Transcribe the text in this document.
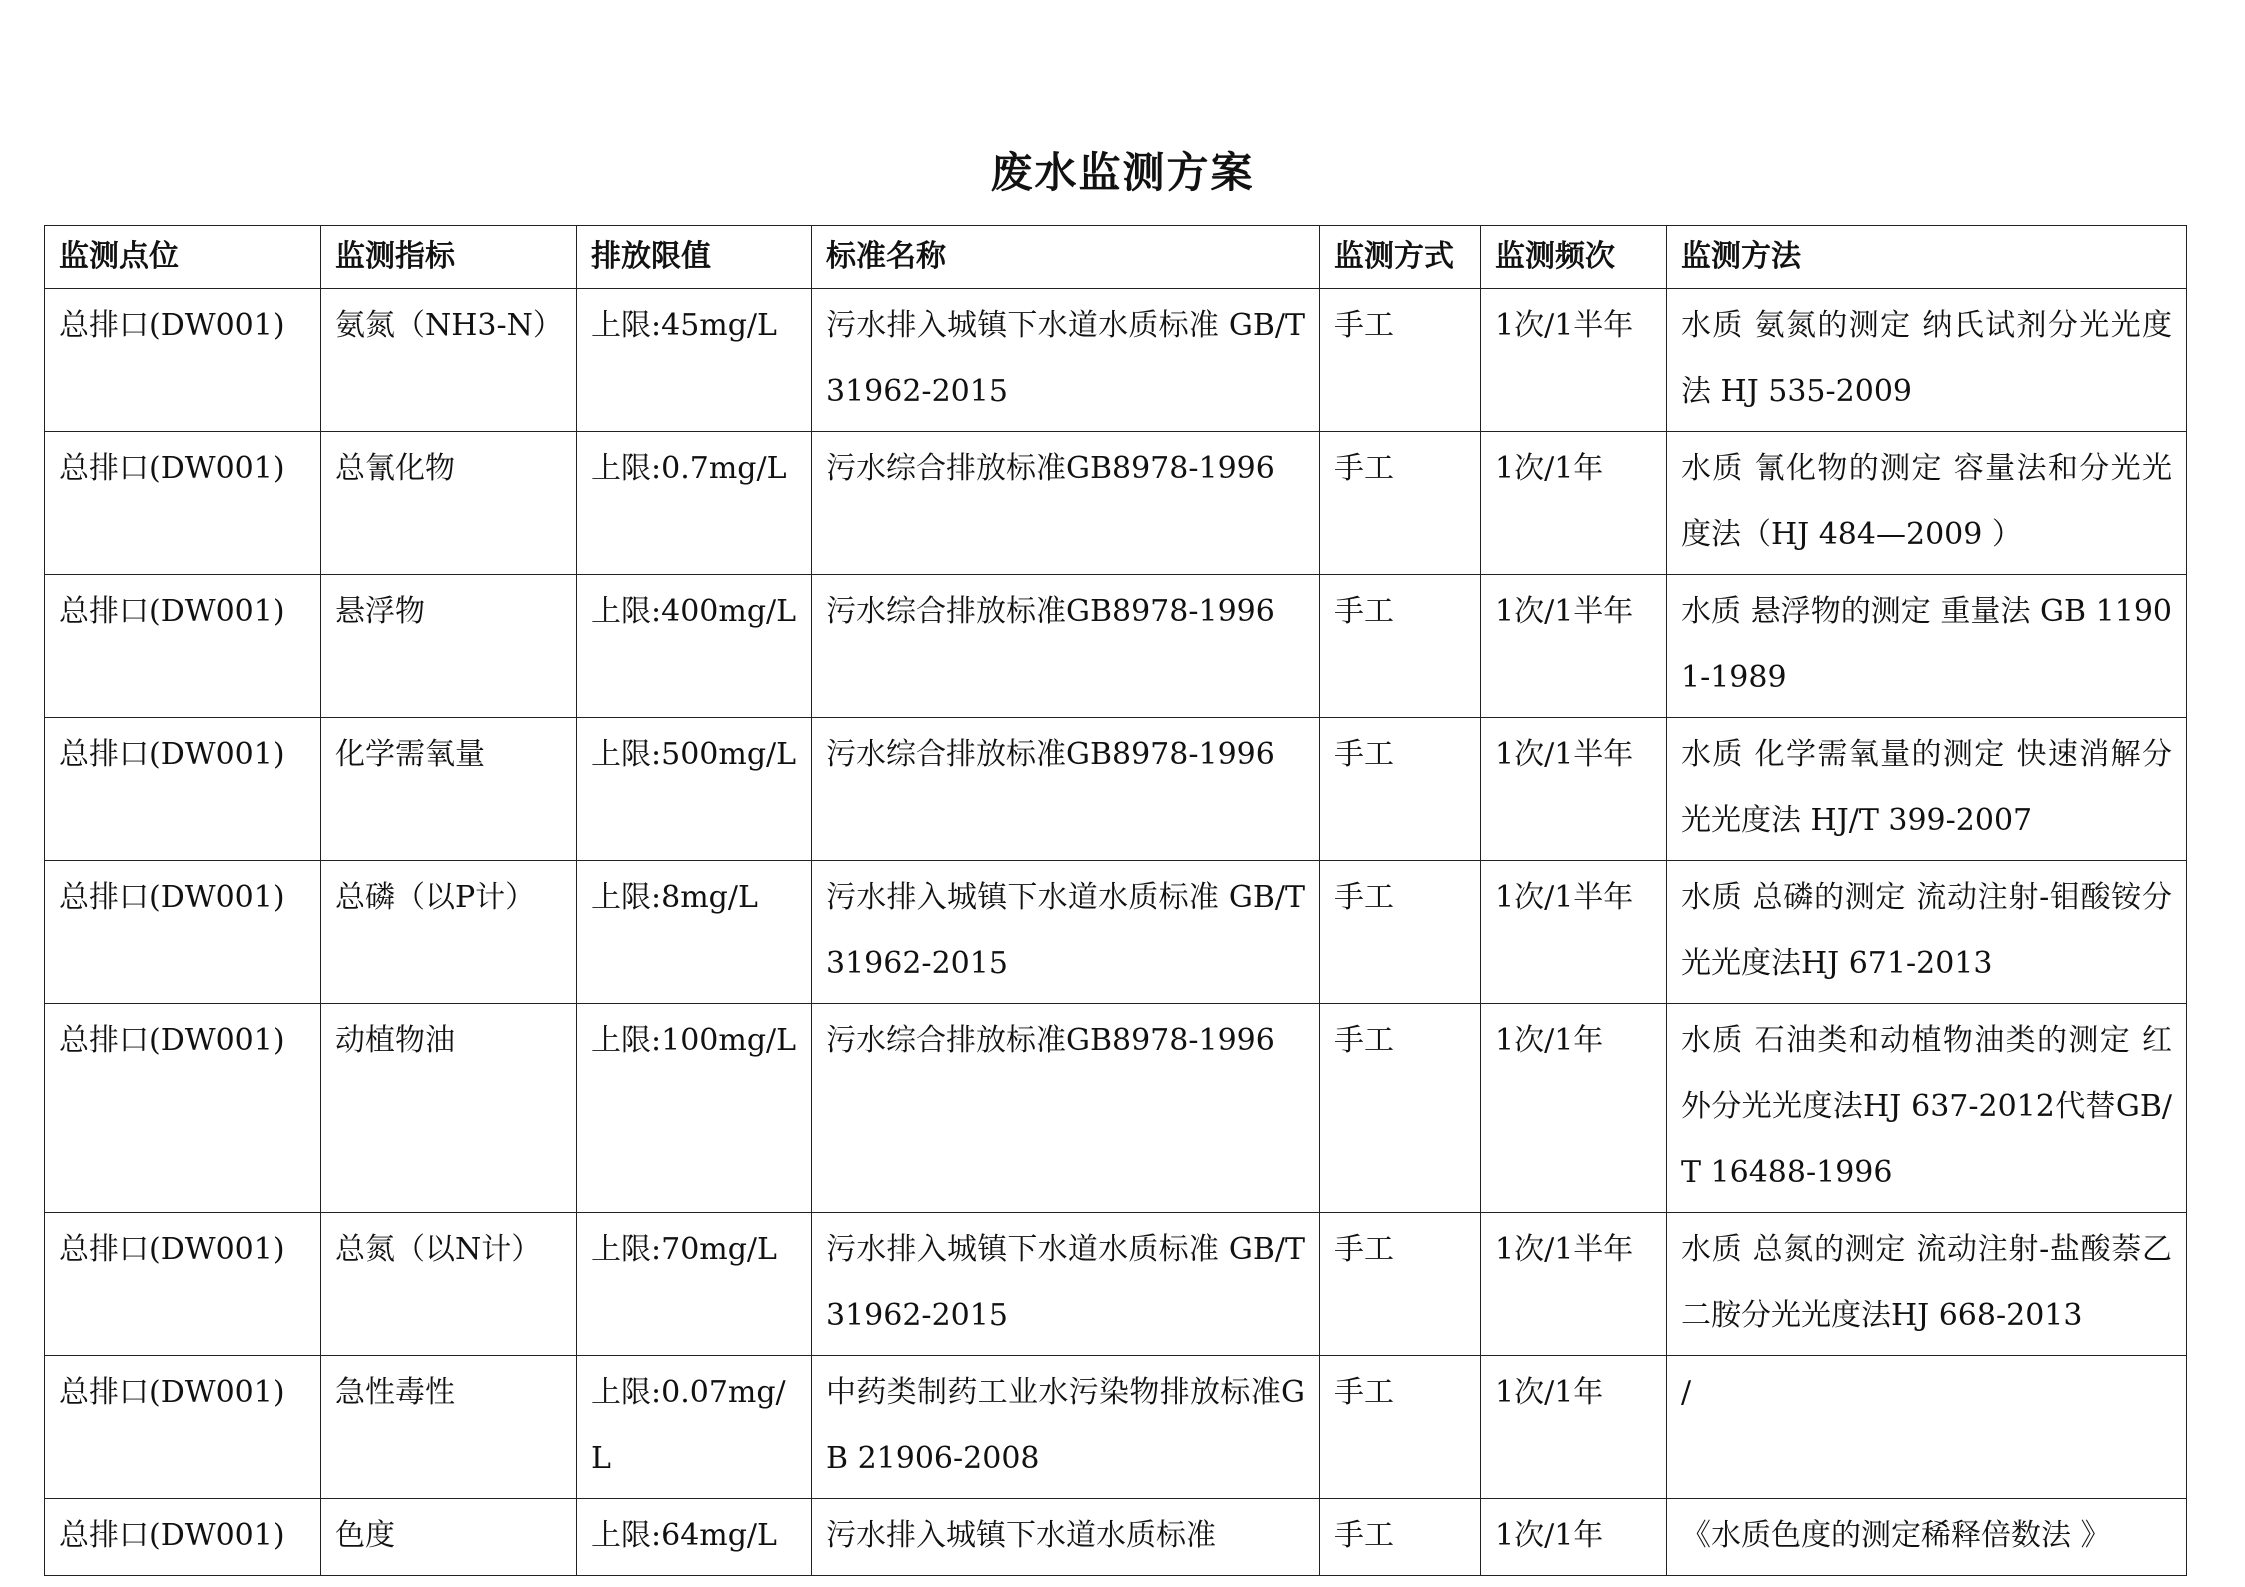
废水监测方案
监测点位	监测指标	排放限值	标准名称	监测方式	监测频次	监测方法
总排口(DW001)	氨氮（NH3-N）	上限:45mg/L	污水排入城镇下水道水质标准 GB/T 31962-2015	手工	1次/1半年	水质 氨氮的测定 纳氏试剂分光光度法 HJ 535-2009
总排口(DW001)	总氰化物	上限:0.7mg/L	污水综合排放标准GB8978-1996	手工	1次/1年	水质 氰化物的测定 容量法和分光光度法（HJ 484—2009 ）
总排口(DW001)	悬浮物	上限:400mg/L	污水综合排放标准GB8978-1996	手工	1次/1半年	水质 悬浮物的测定 重量法 GB 11901-1989
总排口(DW001)	化学需氧量	上限:500mg/L	污水综合排放标准GB8978-1996	手工	1次/1半年	水质 化学需氧量的测定 快速消解分光光度法 HJ/T 399-2007
总排口(DW001)	总磷（以P计）	上限:8mg/L	污水排入城镇下水道水质标准 GB/T 31962-2015	手工	1次/1半年	水质 总磷的测定 流动注射-钼酸铵分光光度法HJ 671-2013
总排口(DW001)	动植物油	上限:100mg/L	污水综合排放标准GB8978-1996	手工	1次/1年	水质 石油类和动植物油类的测定 红外分光光度法HJ 637-2012代替GB/T 16488-1996
总排口(DW001)	总氮（以N计）	上限:70mg/L	污水排入城镇下水道水质标准 GB/T 31962-2015	手工	1次/1半年	水质 总氮的测定 流动注射-盐酸萘乙二胺分光光度法HJ 668-2013
总排口(DW001)	急性毒性	上限:0.07mg/L	中药类制药工业水污染物排放标准GB 21906-2008	手工	1次/1年	/
总排口(DW001)	色度	上限:64mg/L	污水排入城镇下水道水质标准	手工	1次/1年	《水质色度的测定稀释倍数法 》
